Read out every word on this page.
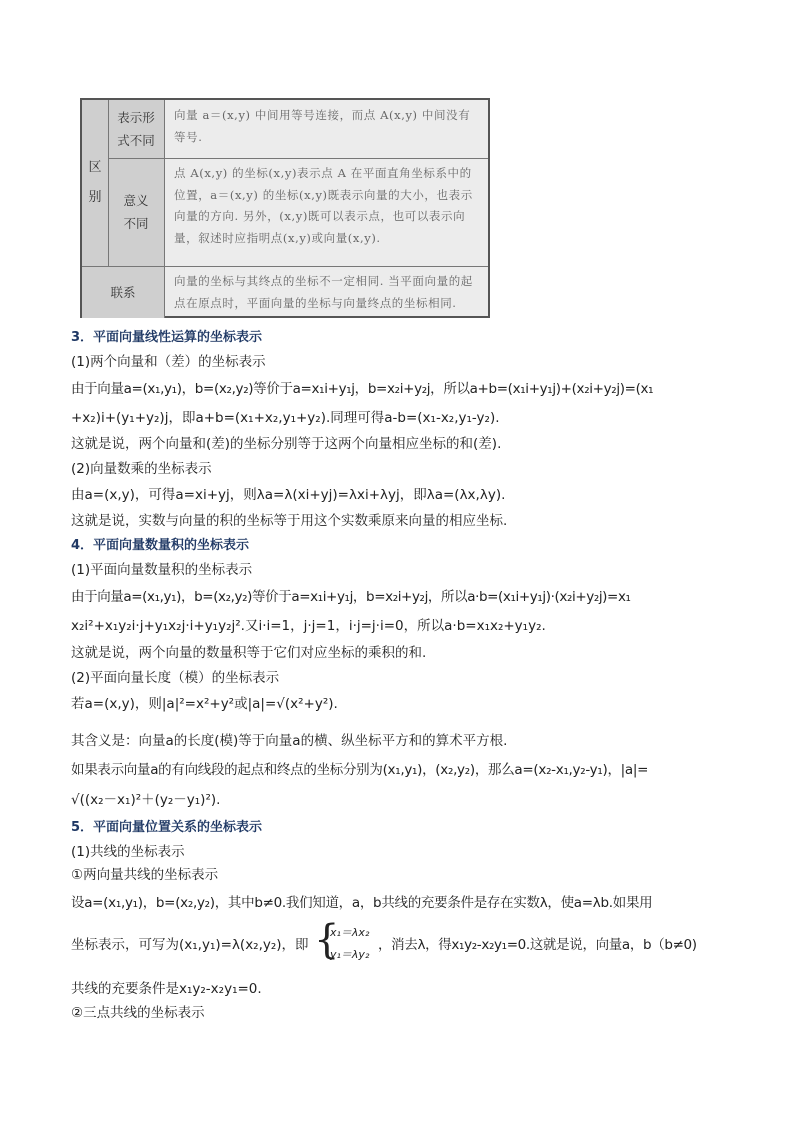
区别
表示形式不同
向量 a＝(x,y) 中间用等号连接，而点 A(x,y) 中间没有等号.
意义不同
点 A(x,y) 的坐标(x,y)表示点 A 在平面直角坐标系中的位置，a＝(x,y) 的坐标(x,y)既表示向量的大小，也表示向量的方向. 另外，(x,y)既可以表示点，也可以表示向量，叙述时应指明点(x,y)或向量(x,y).
联系
向量的坐标与其终点的坐标不一定相同. 当平面向量的起点在原点时，平面向量的坐标与向量终点的坐标相同.
3．平面向量线性运算的坐标表示
(1)两个向量和（差）的坐标表示
由于向量a=(x₁,y₁)，b=(x₂,y₂)等价于a=x₁i+y₁j，b=x₂i+y₂j，所以a+b=(x₁i+y₁j)+(x₂i+y₂j)=(x₁
+x₂)i+(y₁+y₂)j，即a+b=(x₁+x₂,y₁+y₂).同理可得a-b=(x₁-x₂,y₁-y₂).
这就是说，两个向量和(差)的坐标分别等于这两个向量相应坐标的和(差).
(2)向量数乘的坐标表示
由a=(x,y)，可得a=xi+yj，则λa=λ(xi+yj)=λxi+λyj，即λa=(λx,λy).
这就是说，实数与向量的积的坐标等于用这个实数乘原来向量的相应坐标.
4．平面向量数量积的坐标表示
(1)平面向量数量积的坐标表示
由于向量a=(x₁,y₁)，b=(x₂,y₂)等价于a=x₁i+y₁j，b=x₂i+y₂j，所以a·b=(x₁i+y₁j)·(x₂i+y₂j)=x₁
x₂i²+x₁y₂i·j+y₁x₂j·i+y₁y₂j².又i·i=1，j·j=1，i·j=j·i=0，所以a·b=x₁x₂+y₁y₂.
这就是说，两个向量的数量积等于它们对应坐标的乘积的和.
(2)平面向量长度（模）的坐标表示
若a=(x,y)，则|a|²=x²+y²或|a|=√(x²+y²).
其含义是：向量a的长度(模)等于向量a的横、纵坐标平方和的算术平方根.
如果表示向量a的有向线段的起点和终点的坐标分别为(x₁,y₁)，(x₂,y₂)，那么a=(x₂-x₁,y₂-y₁)，|a|=
√((x₂－x₁)²＋(y₂－y₁)²).
5．平面向量位置关系的坐标表示
(1)共线的坐标表示
①两向量共线的坐标表示
设a=(x₁,y₁)，b=(x₂,y₂)，其中b≠0.我们知道，a，b共线的充要条件是存在实数λ，使a=λb.如果用
坐标表示，可写为(x₁,y₁)=λ(x₂,y₂)，即 {
x₁＝λx₂
y₁＝λy₂
，消去λ，得x₁y₂-x₂y₁=0.这就是说，向量a，b（b≠0)
共线的充要条件是x₁y₂-x₂y₁=0.
②三点共线的坐标表示
